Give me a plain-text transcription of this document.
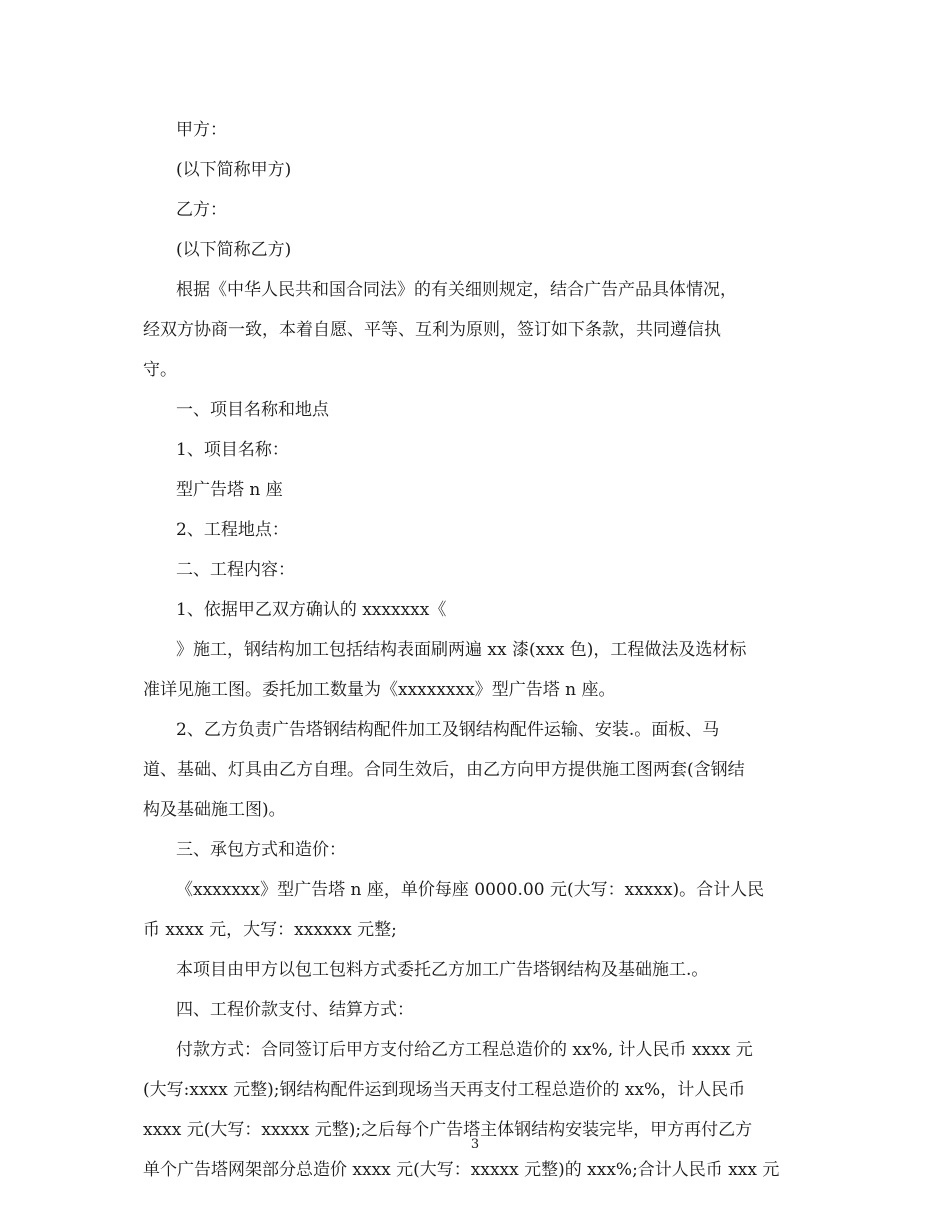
甲方：
(以下简称甲方)
乙方：
(以下简称乙方)
根据《中华人民共和国合同法》的有关细则规定，结合广告产品具体情况，
经双方协商一致，本着自愿、平等、互利为原则，签订如下条款，共同遵信执
守。
一、项目名称和地点
1、项目名称：
型广告塔 n 座
2、工程地点：
二、工程内容：
1、依据甲乙双方确认的 xxxxxxx《
》施工，钢结构加工包括结构表面刷两遍 xx 漆(xxx 色)，工程做法及选材标
准详见施工图。委托加工数量为《xxxxxxxx》型广告塔 n 座。
2、乙方负责广告塔钢结构配件加工及钢结构配件运输、安装.。面板、马
道、基础、灯具由乙方自理。合同生效后，由乙方向甲方提供施工图两套(含钢结
构及基础施工图)。
三、承包方式和造价：
《xxxxxxx》型广告塔 n 座，单价每座 0000.00 元(大写：xxxxx)。合计人民
币 xxxx 元，大写：xxxxxx 元整;
本项目由甲方以包工包料方式委托乙方加工广告塔钢结构及基础施工.。
四、工程价款支付、结算方式：
付款方式：合同签订后甲方支付给乙方工程总造价的 xx%, 计人民币 xxxx 元
(大写:xxxx 元整);钢结构配件运到现场当天再支付工程总造价的 xx%，计人民币
xxxx 元(大写：xxxxx 元整);之后每个广告塔主体钢结构安装完毕，甲方再付乙方
单个广告塔网架部分总造价 xxxx 元(大写：xxxxx 元整)的 xxx%;合计人民币 xxx 元
3
